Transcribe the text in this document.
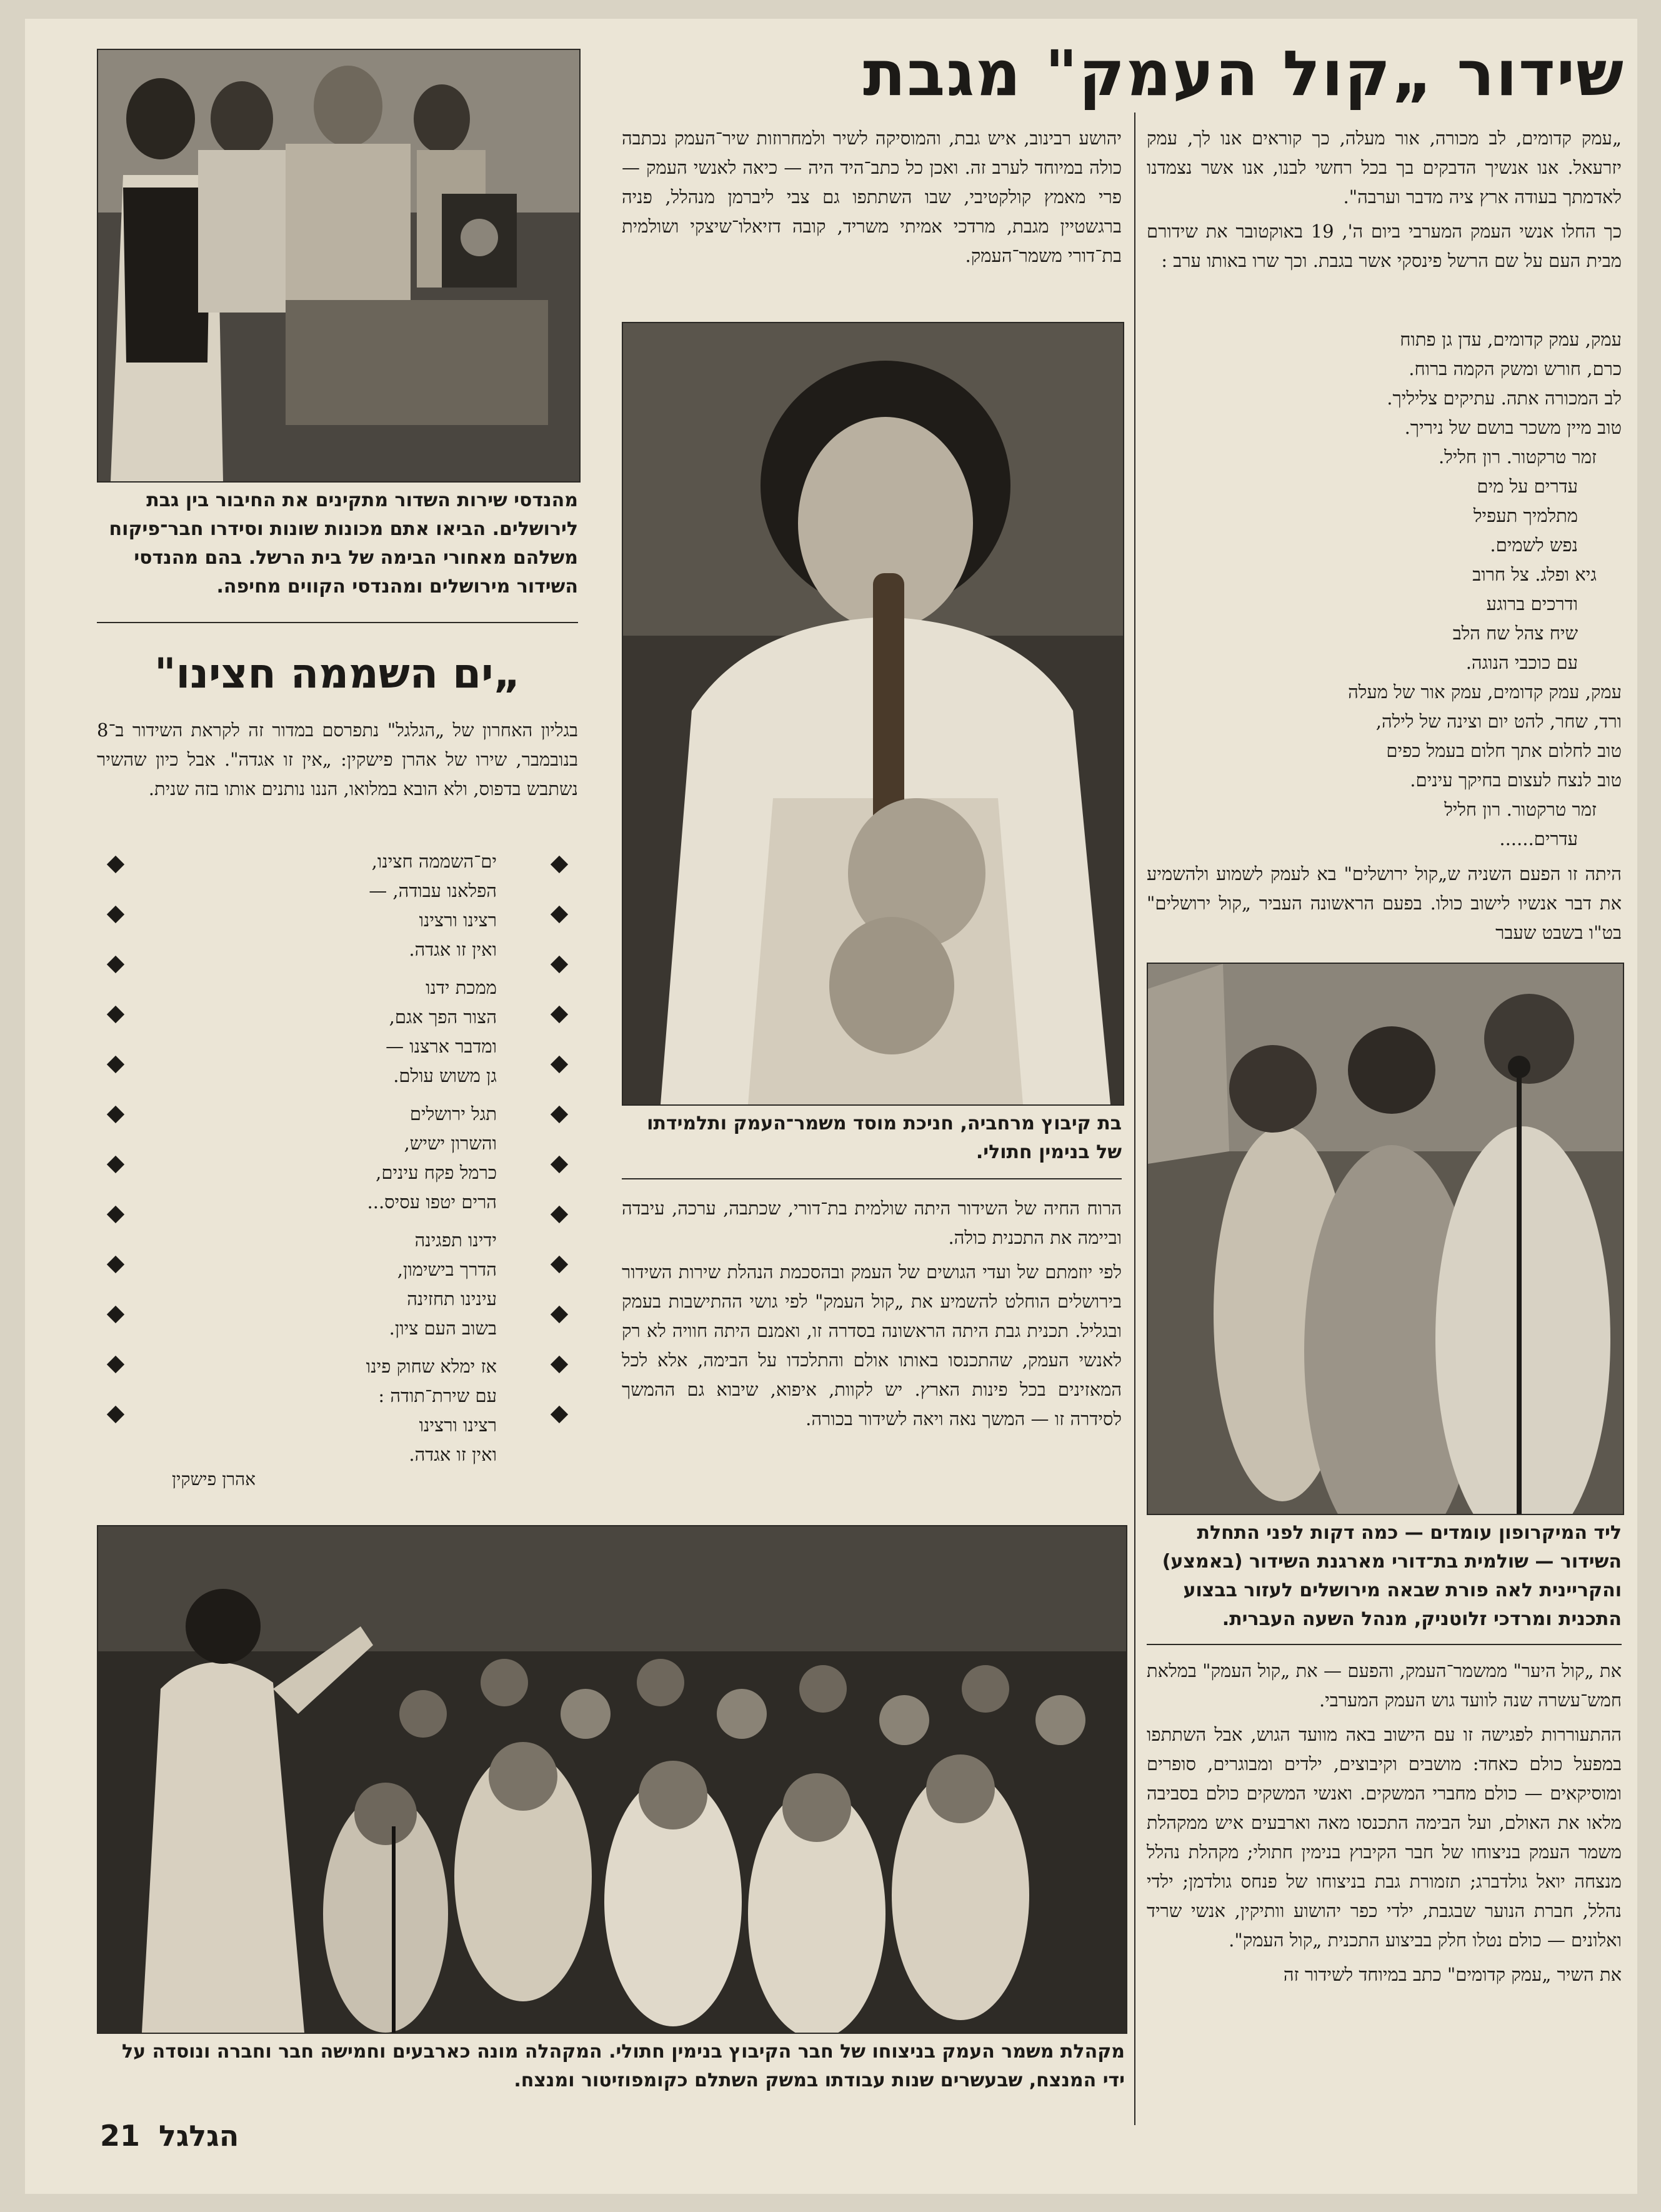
שידור „קול העמק" מגבת

„עמק קדומים, לב מכורה, אור מעלה, כך קוראים אנו לך, עמק יזרעאל. אנו אנשיך הדבקים בך בכל רחשי לבנו, אנו אשר נצמדנו לאדמתך בעודה ארץ ציה מדבר וערבה".

כך החלו אנשי העמק המערבי ביום ה', 19 באוקטובר את שידורם מבית העם על שם הרשל פינסקי אשר בגבת. וכך שרו באותו ערב :

עמק, עמק קדומים, עדן גן פתוח
כרם, חורש ומשק הקמה ברוח.
לב המכורה אתה. עתיקים צליליך.
טוב מיין משכר בושם של ניריך.
זמר טרקטור. רון חליל.
עדרים על מים
מתלמיך תעפיל
נפש לשמים.
גיא ופלג. צל חרוב
ודרכים ברוגע
שיח צהל שח הלב
עם כוכבי הנוגה.
עמק, עמק קדומים, עמק אור של מעלה
ורד, שחר, להט יום וצינה של לילה,
טוב לחלום אתך חלום בעמל כפים
טוב לנצח לעצום בחיקך עינים.
זמר טרקטור. רון חליל
עדרים......
היתה זו הפעם השניה ש„קול ירושלים" בא לעמק לשמוע ולהשמיע את דבר אנשיו לישוב כולו. בפעם הראשונה העביר „קול ירושלים" בט"ו בשבט שעבר
ליד המיקרופון עומדים — כמה דקות לפני התחלת השידור — שולמית בת־דורי מארגנת השידור (באמצע) והקריינית לאה פורת שבאה מירושלים לעזור בבצוע התכנית ומרדכי זלוטניק, מנהל השעה העברית.

את „קול היער" ממשמר־העמק, והפעם — את „קול העמק" במלאת חמש־עשרה שנה לוועד גוש העמק המערבי.

ההתעוררות לפגישה זו עם הישוב באה מוועד הגוש, אבל השתתפו במפעל כולם כאחד: מושבים וקיבוצים, ילדים ומבוגרים, סופרים ומוסיקאים — כולם מחברי המשקים. ואנשי המשקים כולם בסביבה מלאו את האולם, ועל הבימה התכנסו מאה וארבעים איש ממקהלת משמר העמק בניצוחו של חבר הקיבוץ בנימין חתולי; מקהלת נהלל מנצחה יואל גולדברג; תזמורת גבת בניצוחו של פנחס גולדמן; ילדי נהלל, חברת הנוער שבגבת, ילדי כפר יהושוע וותיקין, אנשי שריד ואלונים — כולם נטלו חלק בביצוע התכנית „קול העמק".

את השיר „עמק קדומים" כתב במיוחד לשידור זה

יהושע רבינוב, איש גבת, והמוסיקה לשיר ולמחרוזות שיר־העמק נכתבה כולה במיוחד לערב זה. ואכן כל כתב־היד היה — כיאה לאנשי העמק — פרי מאמץ קולקטיבי, שבו השתתפו גם צבי ליברמן מנהלל, פניה ברגשטיין מגבת, מרדכי אמיתי משריד, קובה דזיאלו־שיצקי ושולמית בת־דורי משמר־העמק.
בת קיבוץ מרחביה, חניכת מוסד משמר־העמק ותלמידתו של בנימין חתולי.

הרוח החיה של השידור היתה שולמית בת־דורי, שכתבה, ערכה, עיבדה וביימה את התכנית כולה.

לפי יוזמתם של ועדי הגושים של העמק ובהסכמת הנהלת שירות השידור בירושלים הוחלט להשמיע את „קול העמק" לפי גושי ההתישבות בעמק ובגליל. תכנית גבת היתה הראשונה בסדרה זו, ואמנם היתה חוויה לא רק לאנשי העמק, שהתכנסו באותו אולם והתלכדו על הבימה, אלא לכל המאזינים בכל פינות הארץ. יש לקוות, איפוא, שיבוא גם ההמשך לסידרה זו — המשך נאה ויאה לשידור בכורה.

מהנדסי שירות השדור מתקינים את החיבור בין גבת לירושלים. הביאו אתם מכונות שונות וסידרו חבר־פיקוח משלהם מאחורי הבימה של בית הרשל. בהם מהנדסי השידור מירושלים ומהנדסי הקווים מחיפה.
„ים השממה חצינו"
בגליון האחרון של „הגלגל" נתפרסם במדור זה לקראת השידור ב־8 בנובמבר, שירו של אהרן פישקין: „אין זו אגדה". אבל כיון שהשיר נשתבש בדפוס, ולא הובא במלואו, הננו נותנים אותו בזה שנית.
ים־השממה חצינו,
הפלאנו עבודה, —
רצינו ורצינו
ואין זו אגדה.
ממכת ידנו
הצור הפך אגם,
ומדבר ארצנו —
גן משוש עולם.
תגל ירושלים
והשרון ישיש,
כרמל פקח עינים,
הרים יטפו עסיס...
ידינו תפגינה
הדרך בישימון,
עינינו תחזינה
בשוב העם ציון.
אז ימלא שחוק פינו
עם שירת־תודה :
רצינו ורצינו
ואין זו אגדה.
אהרן פישקין
מקהלת משמר העמק בניצוחו של חבר הקיבוץ בנימין חתולי. המקהלה מונה כארבעים וחמישה חבר וחברה ונוסדה על ידי המנצח, שבעשרים שנות עבודתו במשק השתלם כקומפוזיטור ומנצח.
21 הגלגל
